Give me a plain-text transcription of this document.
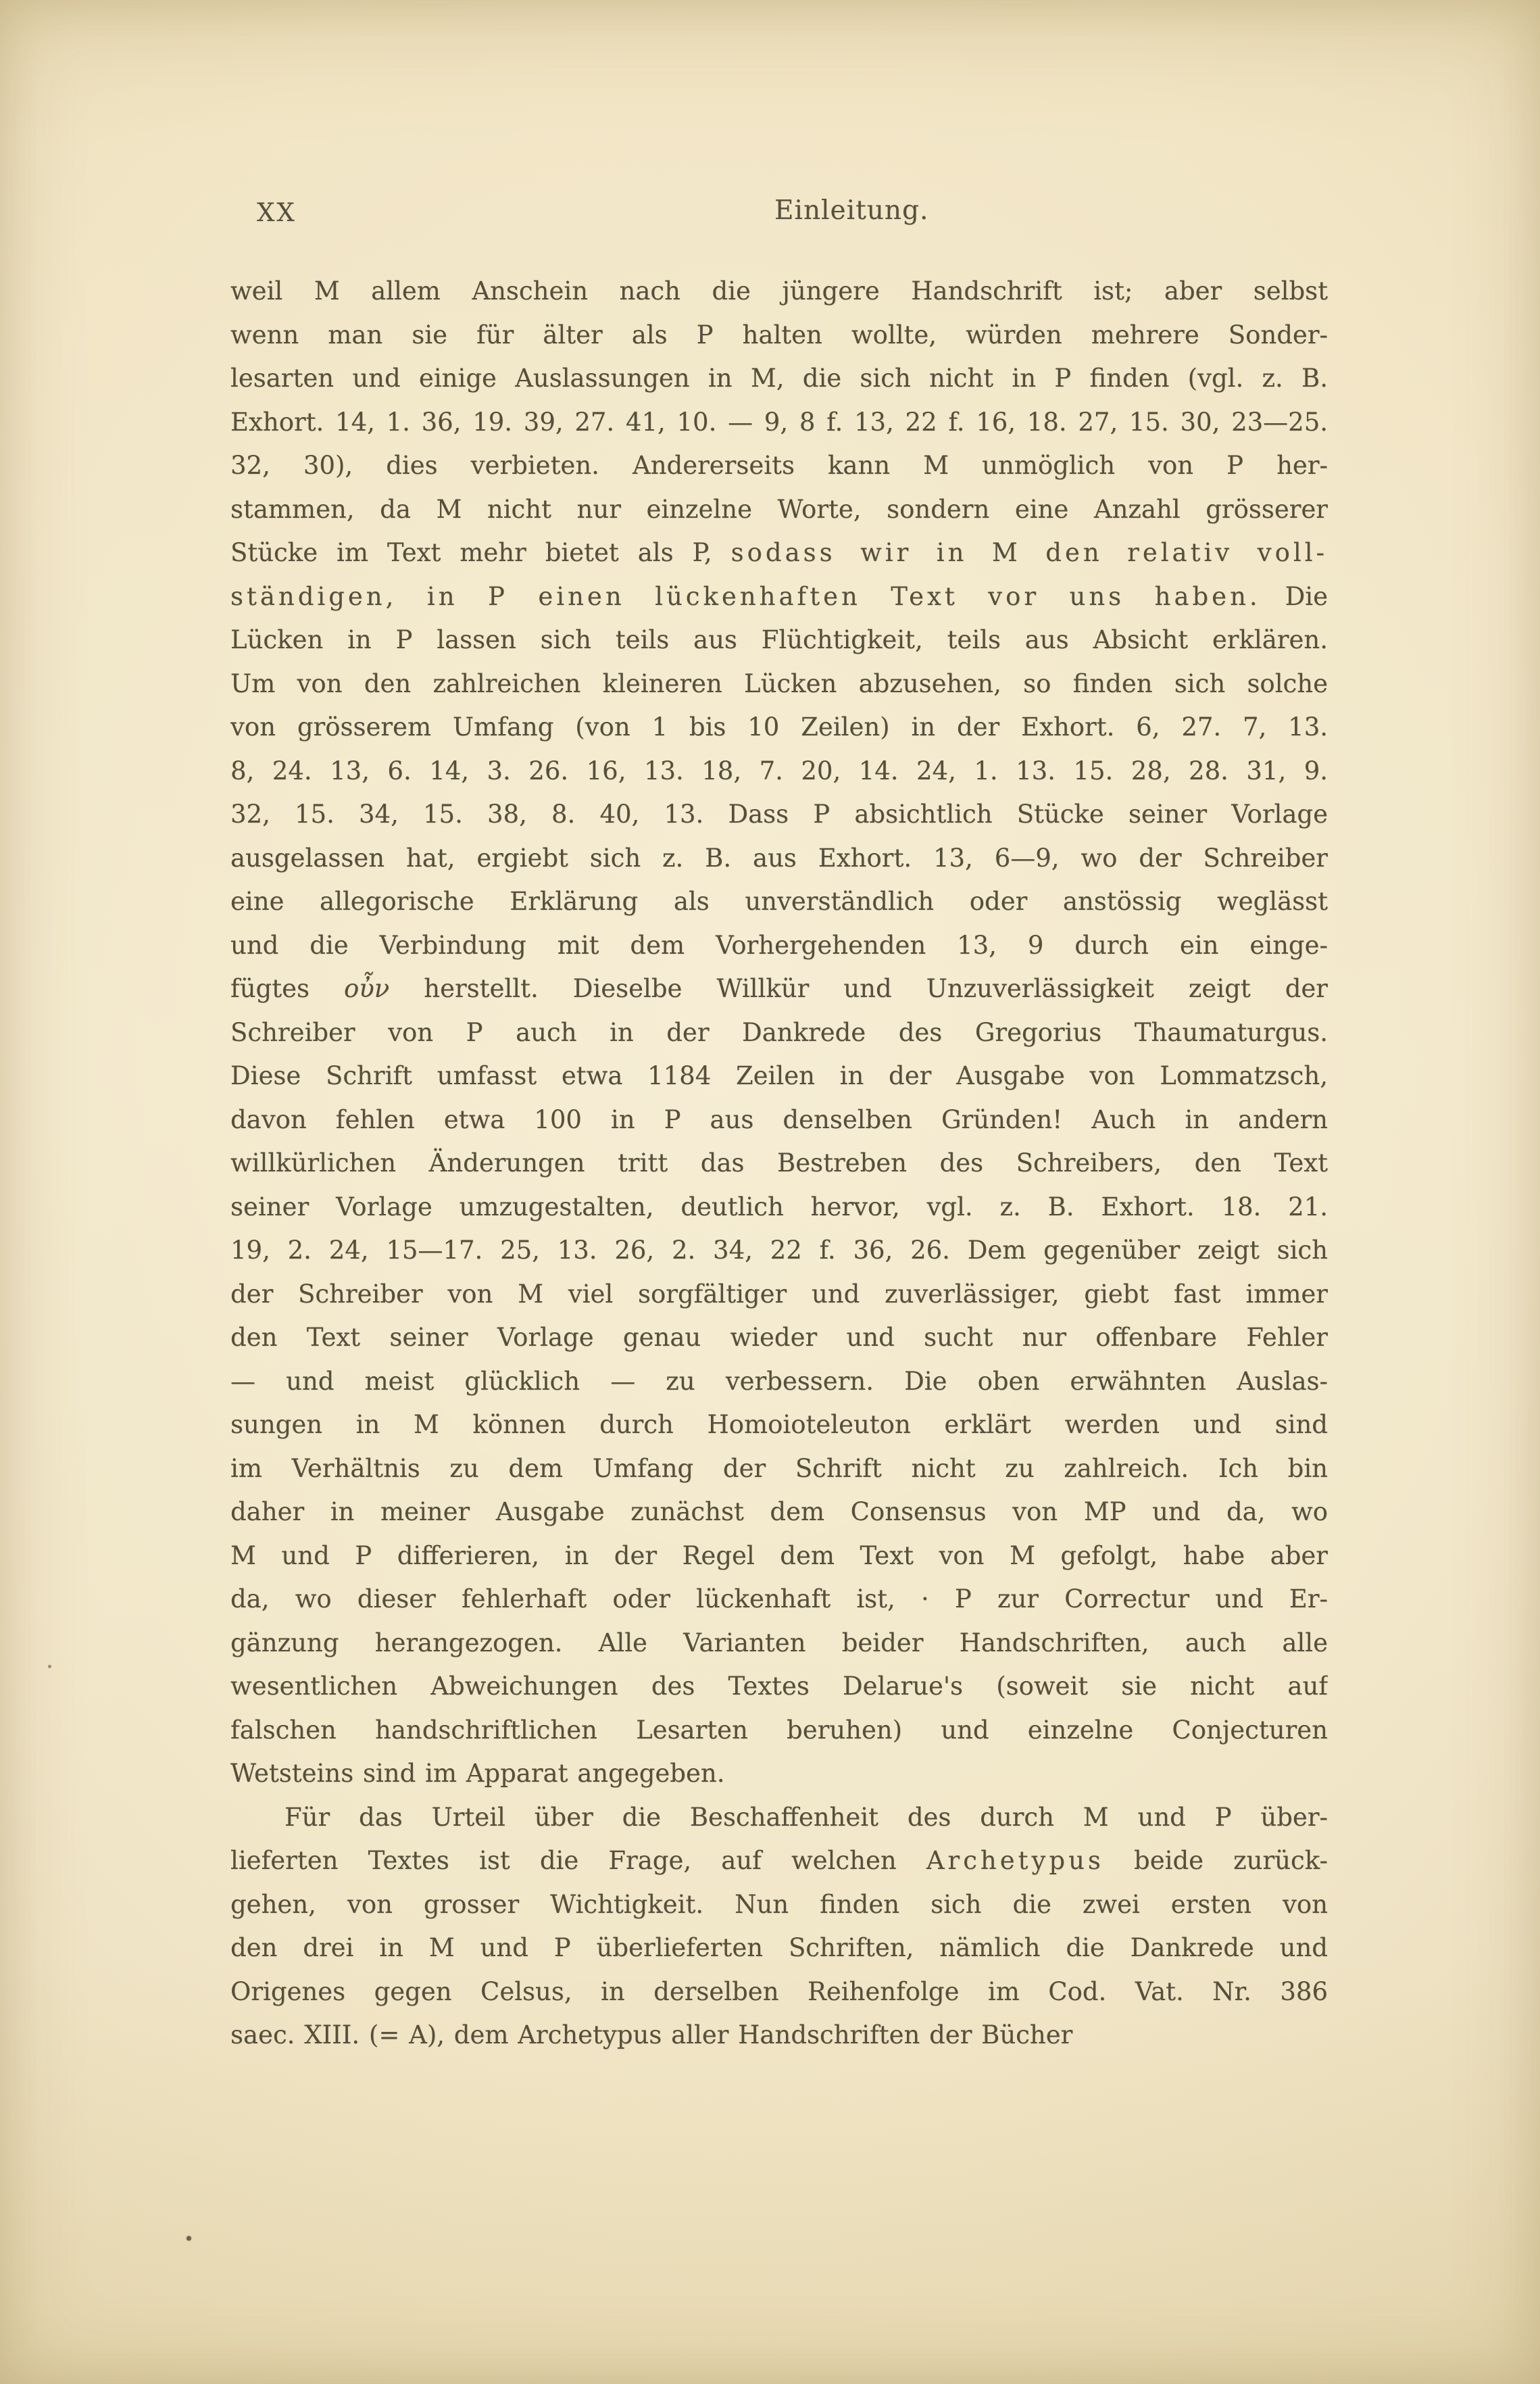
XX	Einleitung.
weil M allem Anschein nach die jüngere Handschrift ist; aber selbst
wenn man sie für älter als P halten wollte, würden mehrere Sonder-
lesarten und einige Auslassungen in M, die sich nicht in P finden (vgl. z. B.
Exhort. 14, 1. 36, 19. 39, 27. 41, 10. — 9, 8 f. 13, 22 f. 16, 18. 27, 15. 30, 23—25.
32, 30), dies verbieten. Andererseits kann M unmöglich von P her-
stammen, da M nicht nur einzelne Worte, sondern eine Anzahl grösserer
Stücke im Text mehr bietet als P, sodass wir in M den relativ voll-
ständigen, in P einen lückenhaften Text vor uns haben. Die
Lücken in P lassen sich teils aus Flüchtigkeit, teils aus Absicht erklären.
Um von den zahlreichen kleineren Lücken abzusehen, so finden sich solche
von grösserem Umfang (von 1 bis 10 Zeilen) in der Exhort. 6, 27. 7, 13.
8, 24. 13, 6. 14, 3. 26. 16, 13. 18, 7. 20, 14. 24, 1. 13. 15. 28, 28. 31, 9.
32, 15. 34, 15. 38, 8. 40, 13. Dass P absichtlich Stücke seiner Vorlage
ausgelassen hat, ergiebt sich z. B. aus Exhort. 13, 6—9, wo der Schreiber
eine allegorische Erklärung als unverständlich oder anstössig weglässt
und die Verbindung mit dem Vorhergehenden 13, 9 durch ein einge-
fügtes οὖν herstellt. Dieselbe Willkür und Unzuverlässigkeit zeigt der
Schreiber von P auch in der Dankrede des Gregorius Thaumaturgus.
Diese Schrift umfasst etwa 1184 Zeilen in der Ausgabe von Lommatzsch,
davon fehlen etwa 100 in P aus denselben Gründen! Auch in andern
willkürlichen Änderungen tritt das Bestreben des Schreibers, den Text
seiner Vorlage umzugestalten, deutlich hervor, vgl. z. B. Exhort. 18. 21.
19, 2. 24, 15—17. 25, 13. 26, 2. 34, 22 f. 36, 26. Dem gegenüber zeigt sich
der Schreiber von M viel sorgfältiger und zuverlässiger, giebt fast immer
den Text seiner Vorlage genau wieder und sucht nur offenbare Fehler
— und meist glücklich — zu verbessern. Die oben erwähnten Auslas-
sungen in M können durch Homoioteleuton erklärt werden und sind
im Verhältnis zu dem Umfang der Schrift nicht zu zahlreich. Ich bin
daher in meiner Ausgabe zunächst dem Consensus von MP und da, wo
M und P differieren, in der Regel dem Text von M gefolgt, habe aber
da, wo dieser fehlerhaft oder lückenhaft ist, · P zur Correctur und Er-
gänzung herangezogen. Alle Varianten beider Handschriften, auch alle
wesentlichen Abweichungen des Textes Delarue's (soweit sie nicht auf
falschen handschriftlichen Lesarten beruhen) und einzelne Conjecturen
Wetsteins sind im Apparat angegeben.
Für das Urteil über die Beschaffenheit des durch M und P über-
lieferten Textes ist die Frage, auf welchen Archetypus beide zurück-
gehen, von grosser Wichtigkeit. Nun finden sich die zwei ersten von
den drei in M und P überlieferten Schriften, nämlich die Dankrede und
Origenes gegen Celsus, in derselben Reihenfolge im Cod. Vat. Nr. 386
saec. XIII. (= A), dem Archetypus aller Handschriften der Bücher
